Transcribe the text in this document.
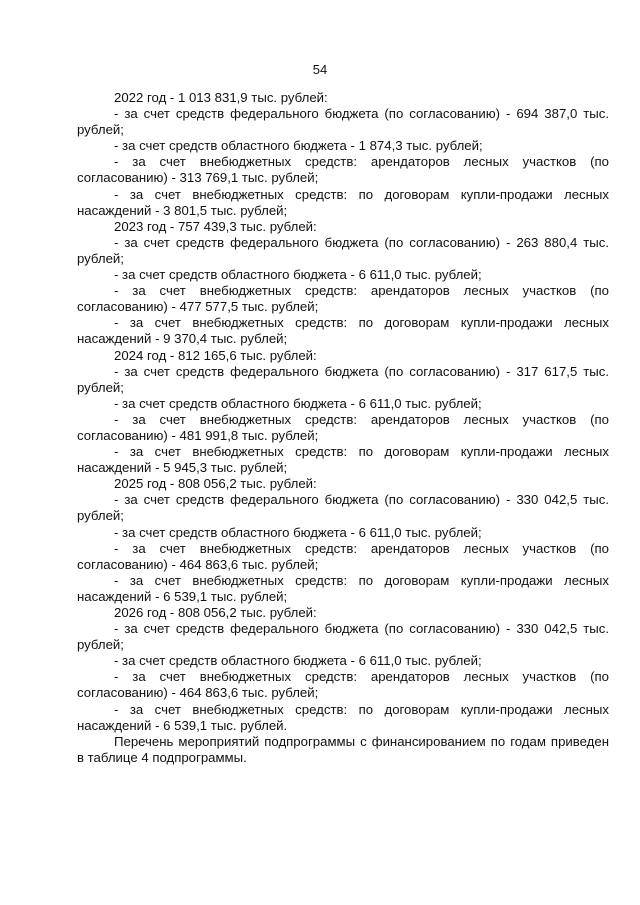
54

2022 год - 1 013 831,9 тыс. рублей:

- за счет средств федерального бюджета (по согласованию) - 694 387,0 тыс. рублей;

- за счет средств областного бюджета - 1 874,3 тыс. рублей;

- за счет внебюджетных средств: арендаторов лесных участков (по согласованию) - 313 769,1 тыс. рублей;

- за счет внебюджетных средств: по договорам купли-продажи лесных насаждений - 3 801,5 тыс. рублей;

2023 год - 757 439,3 тыс. рублей:

- за счет средств федерального бюджета (по согласованию) - 263 880,4 тыс. рублей;

- за счет средств областного бюджета - 6 611,0 тыс. рублей;

- за счет внебюджетных средств: арендаторов лесных участков (по согласованию) - 477 577,5 тыс. рублей;

- за счет внебюджетных средств: по договорам купли-продажи лесных насаждений - 9 370,4 тыс. рублей;

2024 год - 812 165,6 тыс. рублей:

- за счет средств федерального бюджета (по согласованию) - 317 617,5 тыс. рублей;

- за счет средств областного бюджета - 6 611,0 тыс. рублей;

- за счет внебюджетных средств: арендаторов лесных участков (по согласованию) - 481 991,8 тыс. рублей;

- за счет внебюджетных средств: по договорам купли-продажи лесных насаждений - 5 945,3 тыс. рублей;

2025 год - 808 056,2 тыс. рублей:

- за счет средств федерального бюджета (по согласованию) - 330 042,5 тыс. рублей;

- за счет средств областного бюджета - 6 611,0 тыс. рублей;

- за счет внебюджетных средств: арендаторов лесных участков (по согласованию) - 464 863,6 тыс. рублей;

- за счет внебюджетных средств: по договорам купли-продажи лесных насаждений - 6 539,1 тыс. рублей;

2026 год - 808 056,2 тыс. рублей:

- за счет средств федерального бюджета (по согласованию) - 330 042,5 тыс. рублей;

- за счет средств областного бюджета - 6 611,0 тыс. рублей;

- за счет внебюджетных средств: арендаторов лесных участков (по согласованию) - 464 863,6 тыс. рублей;

- за счет внебюджетных средств: по договорам купли-продажи лесных насаждений - 6 539,1 тыс. рублей.

Перечень мероприятий подпрограммы с финансированием по годам приведен в таблице 4 подпрограммы.
